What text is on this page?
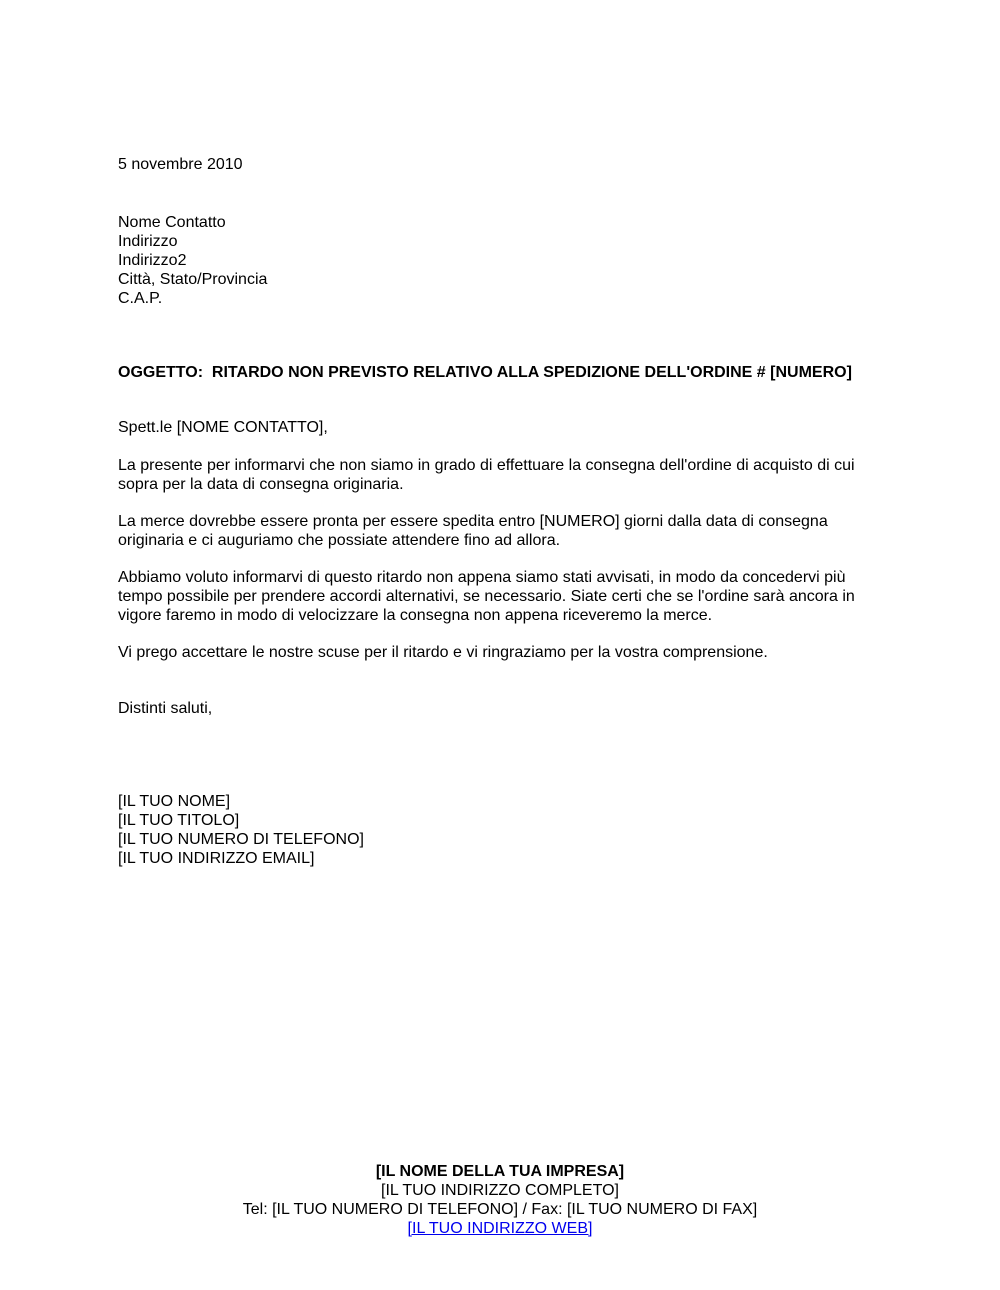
5 novembre 2010
Nome Contatto
Indirizzo
Indirizzo2
Città, Stato/Provincia
C.A.P.
OGGETTO:  RITARDO NON PREVISTO RELATIVO ALLA SPEDIZIONE DELL'ORDINE # [NUMERO]
Spett.le [NOME CONTATTO],

La presente per informarvi che non siamo in grado di effettuare la consegna dell'ordine di acquisto di cui sopra per la data di consegna originaria.

La merce dovrebbe essere pronta per essere spedita entro [NUMERO] giorni dalla data di consegna originaria e ci auguriamo che possiate attendere fino ad allora.

Abbiamo voluto informarvi di questo ritardo non appena siamo stati avvisati, in modo da concedervi più tempo possibile per prendere accordi alternativi, se necessario. Siate certi che se l'ordine sarà ancora in vigore faremo in modo di velocizzare la consegna non appena riceveremo la merce.

Vi prego accettare le nostre scuse per il ritardo e vi ringraziamo per la vostra comprensione.

Distinti saluti,
[IL TUO NOME]
[IL TUO TITOLO]
[IL TUO NUMERO DI TELEFONO]
[IL TUO INDIRIZZO EMAIL]
[IL NOME DELLA TUA IMPRESA]
[IL TUO INDIRIZZO COMPLETO]
Tel: [IL TUO NUMERO DI TELEFONO] / Fax: [IL TUO NUMERO DI FAX]
[IL TUO INDIRIZZO WEB]
